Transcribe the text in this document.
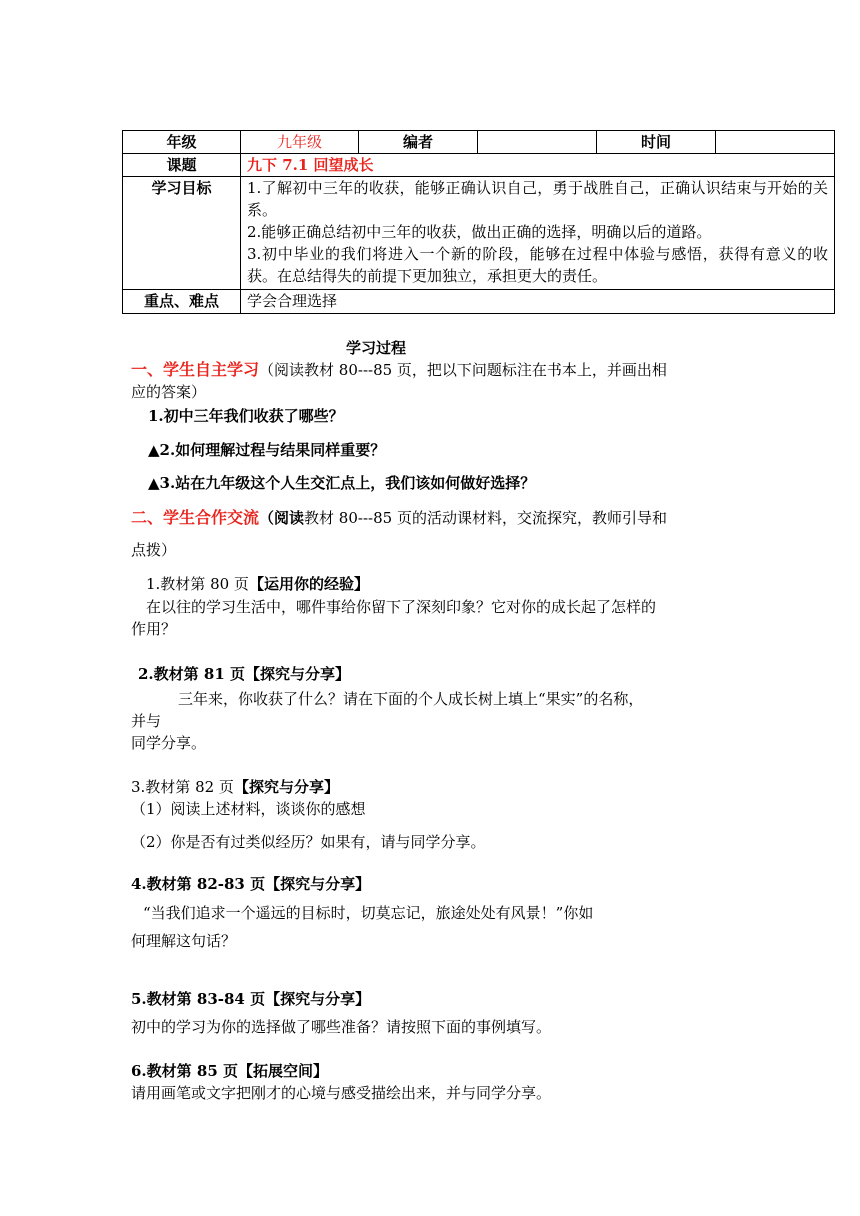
年级	九年级	编者		时间	
课题	九下 7.1 回望成长				
学习目标	1.了解初中三年的收获，能够正确认识自己，勇于战胜自己，正确认识结束与开始的关系。
2.能够正确总结初中三年的收获，做出正确的选择，明确以后的道路。
3.初中毕业的我们将进入一个新的阶段，能够在过程中体验与感悟，获得有意义的收获。在总结得失的前提下更加独立，承担更大的责任。				

重点、难点	学会合理选择				
学习过程
一、学生自主学习（阅读教材 80---85 页，把以下问题标注在书本上，并画出相
应的答案）
1.初中三年我们收获了哪些？
▲2.如何理解过程与结果同样重要？
▲3.站在九年级这个人生交汇点上，我们该如何做好选择？
二、学生合作交流（阅读教材 80---85 页的活动课材料，交流探究，教师引导和
点拨）
1.教材第 80 页【运用你的经验】
在以往的学习生活中，哪件事给你留下了深刻印象？它对你的成长起了怎样的
作用？
2.教材第 81 页【探究与分享】
三年来，你收获了什么？请在下面的个人成长树上填上“果实”的名称，
并与
同学分享。
3.教材第 82 页【探究与分享】
（1）阅读上述材料，谈谈你的感想
（2）你是否有过类似经历？如果有，请与同学分享。
4.教材第 82-83 页【探究与分享】
“当我们追求一个遥远的目标时，切莫忘记，旅途处处有风景！”你如
何理解这句话？
5.教材第 83-84 页【探究与分享】
初中的学习为你的选择做了哪些准备？请按照下面的事例填写。
6.教材第 85 页【拓展空间】
请用画笔或文字把刚才的心境与感受描绘出来，并与同学分享。
